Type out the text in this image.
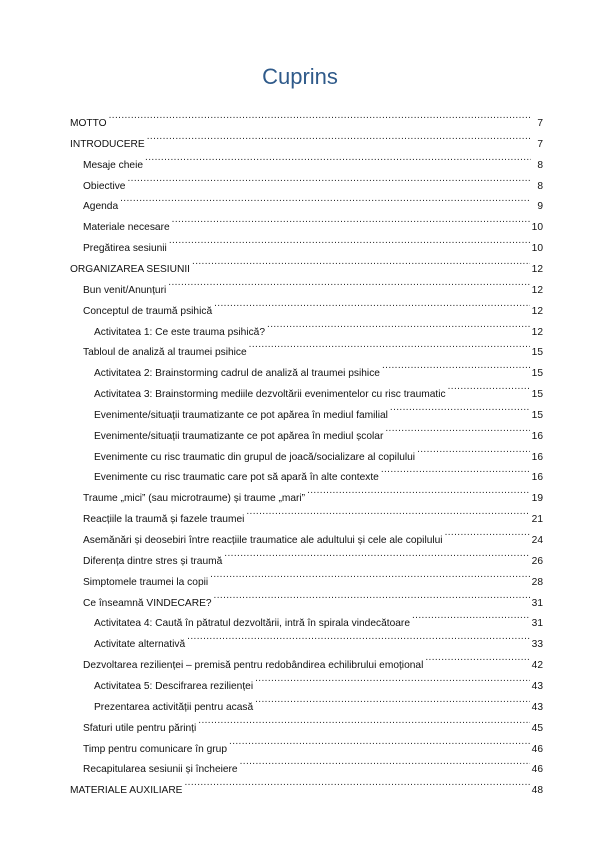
Cuprins
MOTTO .....	7
INTRODUCERE .....	7
Mesaje cheie .....	8
Obiective .....	8
Agenda .....	9
Materiale necesare .....	10
Pregătirea sesiunii .....	10
ORGANIZAREA SESIUNII .....	12
Bun venit/Anunțuri .....	12
Conceptul de traumă psihică .....	12
Activitatea 1: Ce este trauma psihică? .....	12
Tabloul de analiză al traumei psihice .....	15
Activitatea 2: Brainstorming cadrul de analiză al traumei psihice .....	15
Activitatea 3: Brainstorming mediile dezvoltării evenimentelor cu risc traumatic .....	15
Evenimente/situații traumatizante ce pot apărea în mediul familial .....	15
Evenimente/situații traumatizante ce pot apărea în mediul școlar .....	16
Evenimente cu risc traumatic din grupul de joacă/socializare al copilului .....	16
Evenimente cu risc traumatic care pot să apară în alte contexte .....	16
Traume „mici” (sau microtraume) și traume „mari” .....	19
Reacțiile la traumă și fazele traumei .....	21
Asemănări și deosebiri între reacțiile traumatice ale adultului și cele ale copilului .....	24
Diferența dintre stres și traumă .....	26
Simptomele traumei la copii .....	28
Ce înseamnă VINDECARE? .....	31
Activitatea 4: Caută în pătratul dezvoltării, intră în spirala vindecătoare .....	31
Activitate alternativă .....	33
Dezvoltarea rezilienței – premisă pentru redobândirea echilibrului emoțional .....	42
Activitatea 5: Descifrarea rezilienței .....	43
Prezentarea activității pentru acasă .....	43
Sfaturi utile pentru părinți .....	45
Timp pentru comunicare în grup .....	46
Recapitularea sesiunii și încheiere .....	46
MATERIALE AUXILIARE .....	48
